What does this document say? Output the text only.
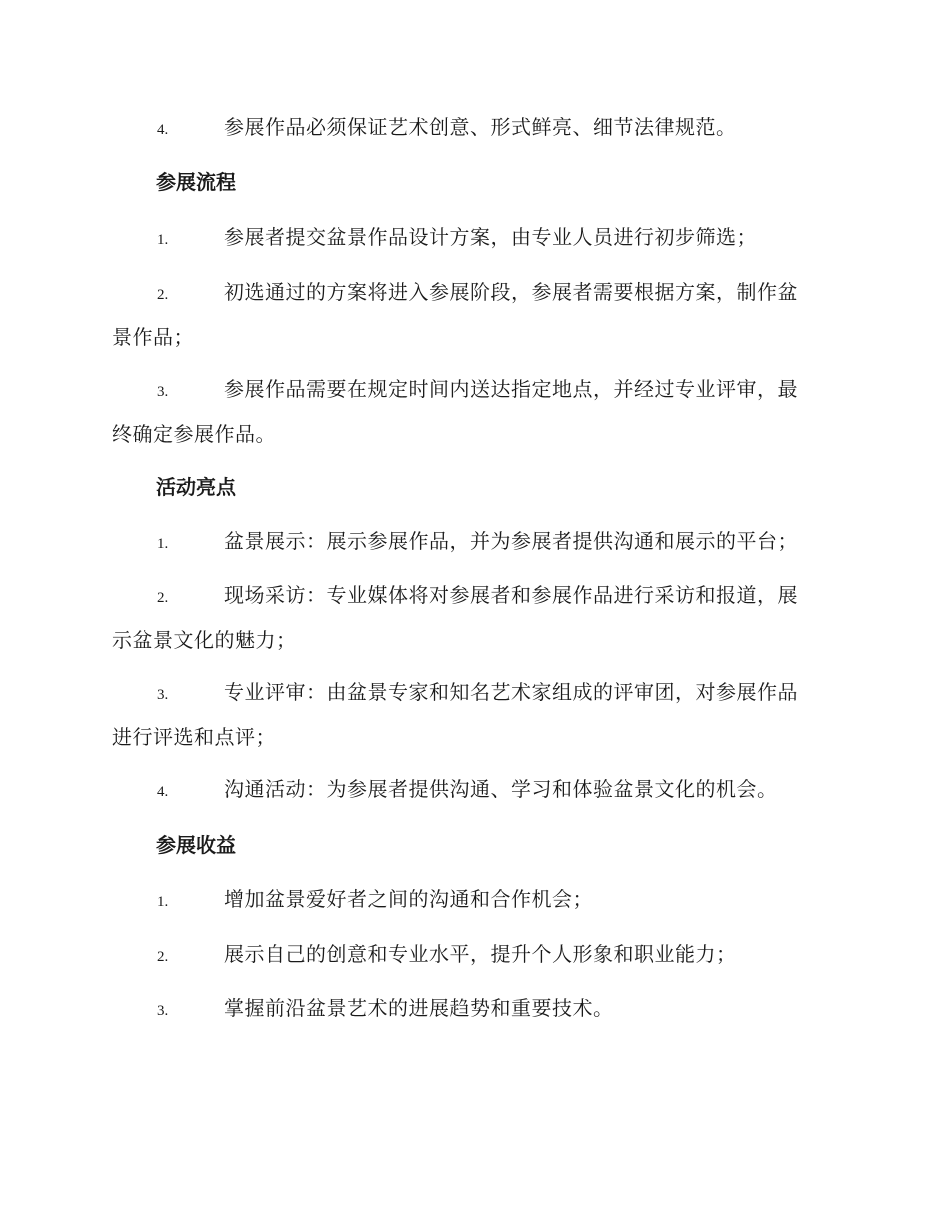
4.	参展作品必须保证艺术创意、形式鲜亮、细节法律规范。
参展流程
1.	参展者提交盆景作品设计方案，由专业人员进行初步筛选；
2.	初选通过的方案将进入参展阶段，参展者需要根据方案，制作盆
景作品；
3.	参展作品需要在规定时间内送达指定地点，并经过专业评审，最
终确定参展作品。
活动亮点
1.	盆景展示：展示参展作品，并为参展者提供沟通和展示的平台；
2.	现场采访：专业媒体将对参展者和参展作品进行采访和报道，展
示盆景文化的魅力；
3.	专业评审：由盆景专家和知名艺术家组成的评审团，对参展作品
进行评选和点评；
4.	沟通活动：为参展者提供沟通、学习和体验盆景文化的机会。
参展收益
1.	增加盆景爱好者之间的沟通和合作机会；
2.	展示自己的创意和专业水平，提升个人形象和职业能力；
3.	掌握前沿盆景艺术的进展趋势和重要技术。
